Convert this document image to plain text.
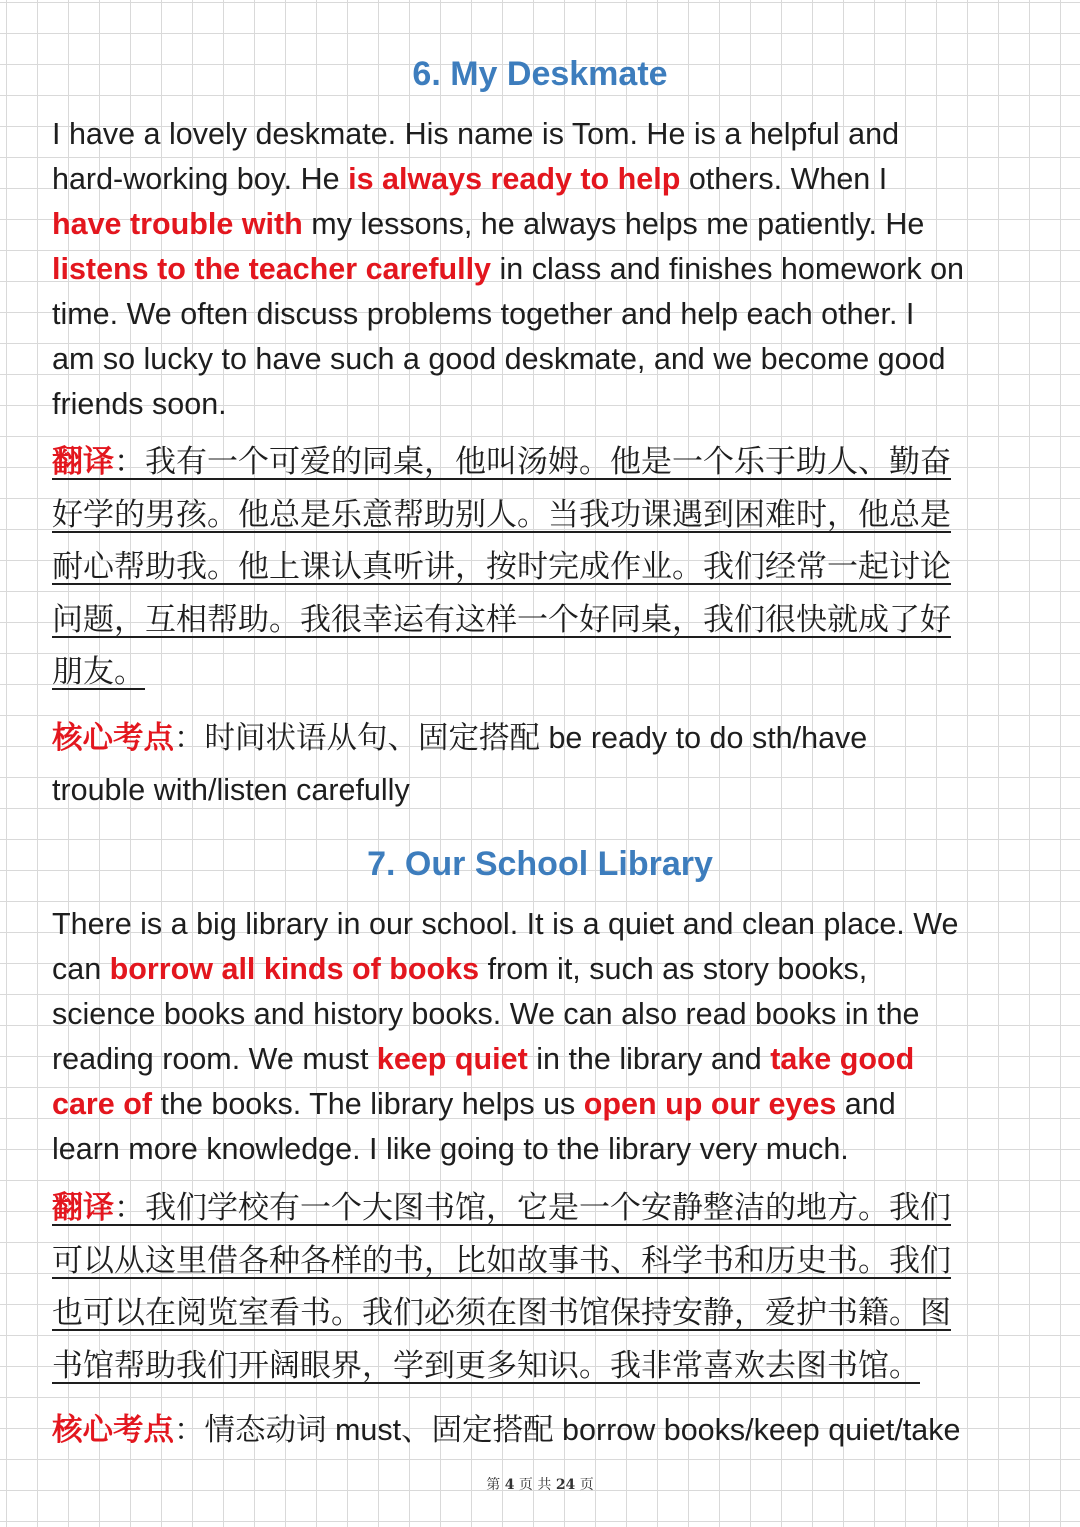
6. My Deskmate
I have a lovely deskmate. His name is Tom. He is a helpful and
hard-working boy. He is always ready to help others. When I
have trouble with my lessons, he always helps me patiently. He
listens to the teacher carefully in class and finishes homework on
time. We often discuss problems together and help each other. I
am so lucky to have such a good deskmate, and we become good
friends soon.
翻译：我有一个可爱的同桌，他叫汤姆。他是一个乐于助人、勤奋
好学的男孩。他总是乐意帮助别人。当我功课遇到困难时，他总是
耐心帮助我。他上课认真听讲，按时完成作业。我们经常一起讨论
问题，互相帮助。我很幸运有这样一个好同桌，我们很快就成了好
朋友。
核心考点：时间状语从句、固定搭配 be ready to do sth/have
trouble with/listen carefully
7. Our School Library
There is a big library in our school. It is a quiet and clean place. We
can borrow all kinds of books from it, such as story books,
science books and history books. We can also read books in the
reading room. We must keep quiet in the library and take good
care of the books. The library helps us open up our eyes and
learn more knowledge. I like going to the library very much.
翻译：我们学校有一个大图书馆，它是一个安静整洁的地方。我们
可以从这里借各种各样的书，比如故事书、科学书和历史书。我们
也可以在阅览室看书。我们必须在图书馆保持安静，爱护书籍。图
书馆帮助我们开阔眼界，学到更多知识。我非常喜欢去图书馆。
核心考点：情态动词 must、固定搭配 borrow books/keep quiet/take
第 4 页 共 24 页
